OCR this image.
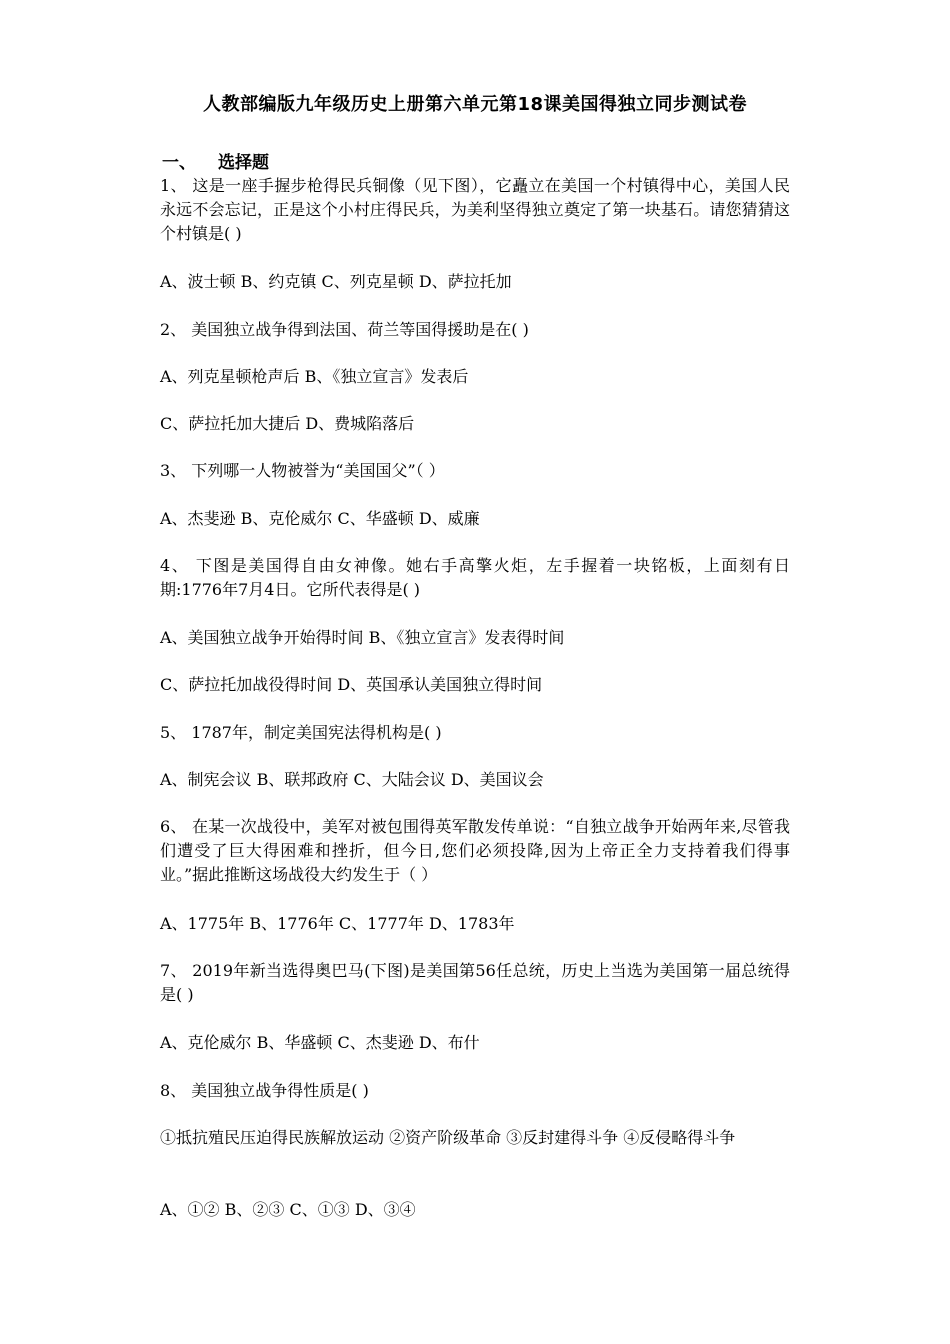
人教部编版九年级历史上册第六单元第18课美国得独立同步测试卷
一、 选择题
1、 这是一座手握步枪得民兵铜像（见下图），它矗立在美国一个村镇得中心，美国人民永远不会忘记，正是这个小村庄得民兵，为美利坚得独立奠定了第一块基石。请您猜猜这个村镇是( )
A、波士顿 B、约克镇 C、列克星顿 D、萨拉托加
2、 美国独立战争得到法国、荷兰等国得援助是在( )
A、列克星顿枪声后 B、《独立宣言》发表后
C、萨拉托加大捷后 D、费城陷落后
3、 下列哪一人物被誉为“美国国父”（ ）
A、杰斐逊 B、克伦威尔 C、华盛顿 D、威廉
4、 下图是美国得自由女神像。她右手高擎火炬，左手握着一块铭板，上面刻有日期:1776年7月4日。它所代表得是( )
A、美国独立战争开始得时间 B、《独立宣言》发表得时间
C、萨拉托加战役得时间 D、英国承认美国独立得时间
5、 1787年，制定美国宪法得机构是( )
A、制宪会议 B、联邦政府 C、大陆会议 D、美国议会
6、 在某一次战役中，美军对被包围得英军散发传单说：“自独立战争开始两年来,尽管我们遭受了巨大得困难和挫折，但今日,您们必须投降,因为上帝正全力支持着我们得事业。”据此推断这场战役大约发生于（ ）
A、1775年 B、1776年 C、1777年 D、1783年
7、 2019年新当选得奥巴马(下图)是美国第56任总统，历史上当选为美国第一届总统得是( )
A、克伦威尔 B、华盛顿 C、杰斐逊 D、布什
8、 美国独立战争得性质是( )
①抵抗殖民压迫得民族解放运动 ②资产阶级革命 ③反封建得斗争 ④反侵略得斗争
A、①② B、②③ C、①③ D、③④
